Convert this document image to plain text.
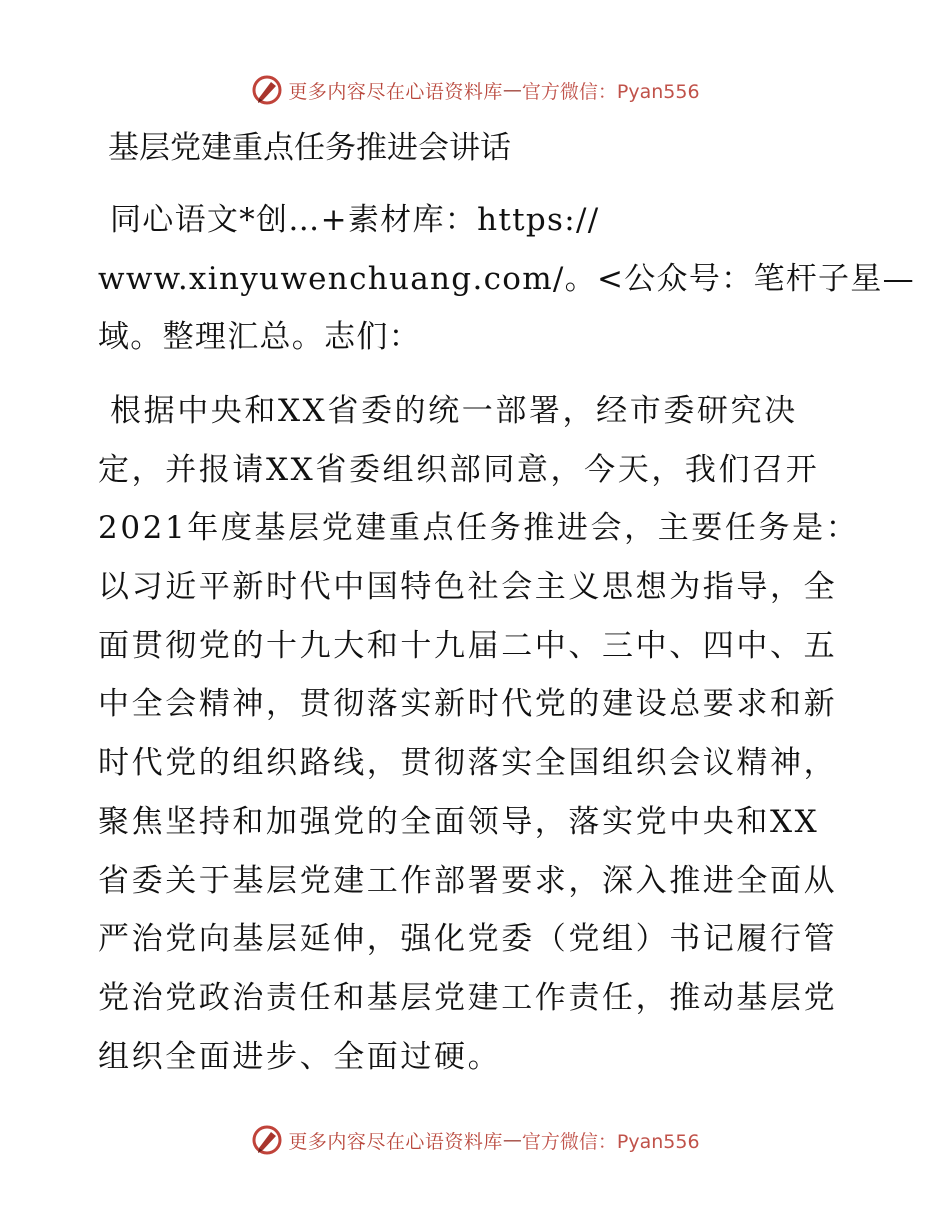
更多内容尽在心语资料库 — 官方微信：Pyan556
基层党建重点任务推进会讲话
同心语文*创…+素材库：https://
www.xinyuwenchuang.com/。<公众号：笔杆子星—
域。整理汇总。志们：
根据中央和XX省委的统一部署，经市委研究决
定，并报请XX省委组织部同意，今天，我们召开
2021年度基层党建重点任务推进会，主要任务是：
以习近平新时代中国特色社会主义思想为指导，全
面贯彻党的十九大和十九届二中、三中、四中、五
中全会精神，贯彻落实新时代党的建设总要求和新
时代党的组织路线，贯彻落实全国组织会议精神，
聚焦坚持和加强党的全面领导，落实党中央和XX
省委关于基层党建工作部署要求，深入推进全面从
严治党向基层延伸，强化党委（党组）书记履行管
党治党政治责任和基层党建工作责任，推动基层党
组织全面进步、全面过硬。
更多内容尽在心语资料库 — 官方微信：Pyan556
